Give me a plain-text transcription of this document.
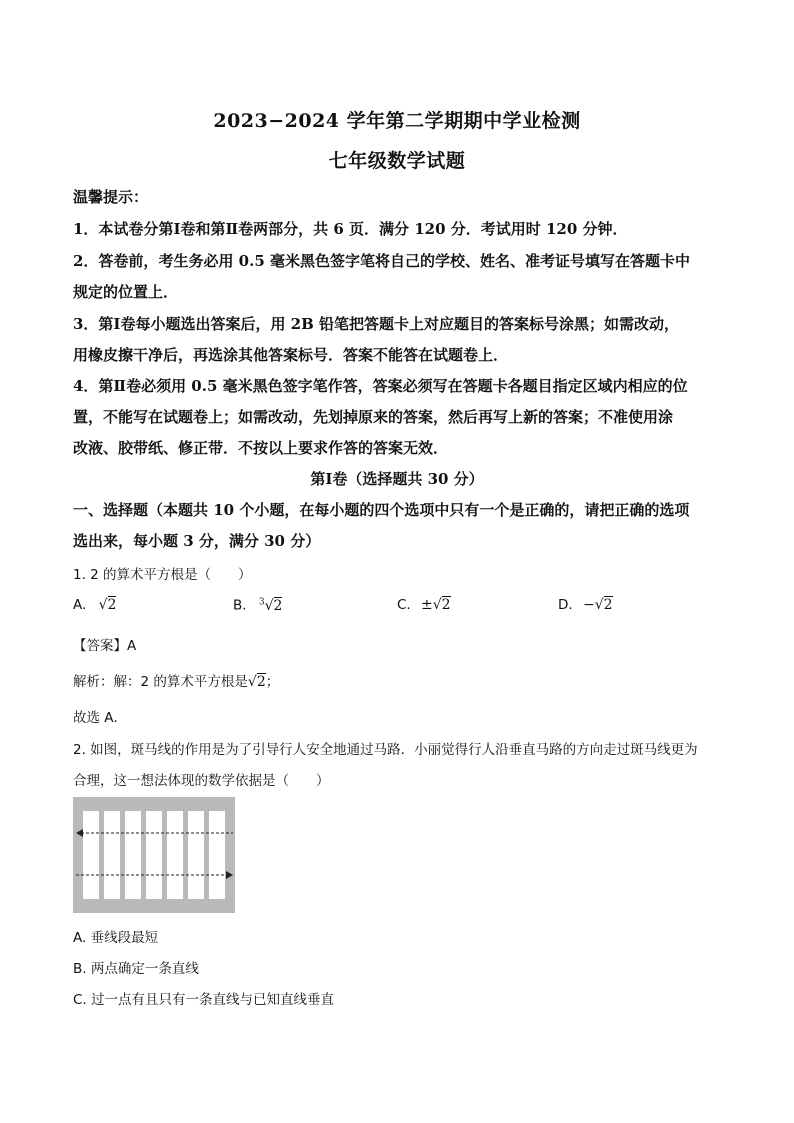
2023−2024 学年第二学期期中学业检测
七年级数学试题
温馨提示：
1．本试卷分第Ⅰ卷和第Ⅱ卷两部分，共 6 页．满分 120 分．考试用时 120 分钟．
2．答卷前，考生务必用 0.5 毫米黑色签字笔将自己的学校、姓名、准考证号填写在答题卡中
规定的位置上．
3．第Ⅰ卷每小题选出答案后，用 2B 铅笔把答题卡上对应题目的答案标号涂黑；如需改动，
用橡皮擦干净后，再选涂其他答案标号．答案不能答在试题卷上．
4．第Ⅱ卷必须用 0.5 毫米黑色签字笔作答，答案必须写在答题卡各题目指定区域内相应的位
置，不能写在试题卷上；如需改动，先划掉原来的答案，然后再写上新的答案；不准使用涂
改液、胶带纸、修正带．不按以上要求作答的答案无效．
第Ⅰ卷（选择题共 30 分）
一、选择题（本题共 10 个小题，在每小题的四个选项中只有一个是正确的，请把正确的选项
选出来，每小题 3 分，满分 30 分）
1. 2 的算术平方根是（　　）
A. √2	B. $^3$√2	C. ±√2	D. −√2
【答案】A
解析：解：2 的算术平方根是√2；
故选 A．
2. 如图，斑马线的作用是为了引导行人安全地通过马路．小丽觉得行人沿垂直马路的方向走过斑马线更为
合理，这一想法体现的数学依据是（　　）
A. 垂线段最短
B. 两点确定一条直线
C. 过一点有且只有一条直线与已知直线垂直
